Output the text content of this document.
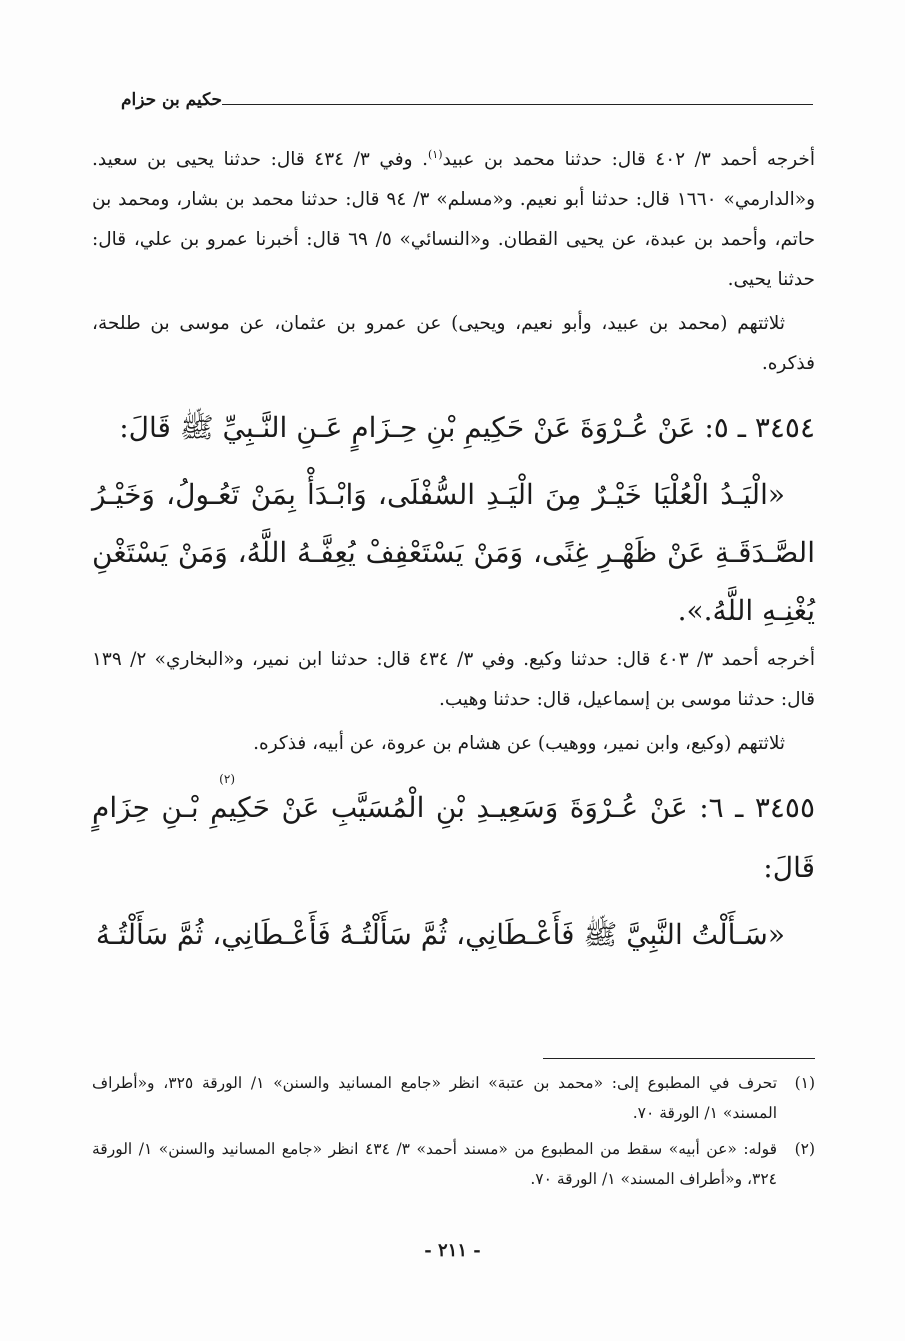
حكيم بن حزام

أخرجه أحمد ٣/ ٤٠٢ قال: حدثنا محمد بن عبيد$^{(١)}$. وفي ٣/ ٤٣٤ قال: حدثنا يحيى بن سعيد. و«الدارمي» ١٦٦٠ قال: حدثنا أبو نعيم. و«مسلم» ٣/ ٩٤ قال: حدثنا محمد بن بشار، ومحمد بن حاتم، وأحمد بن عبدة، عن يحيى القطان. و«النسائي» ٥/ ٦٩ قال: أخبرنا عمرو بن علي، قال: حدثنا يحيى.

ثلاثتهم (محمد بن عبيد، وأبو نعيم، ويحيى) عن عمرو بن عثمان، عن موسى بن طلحة، فذكره.

٣٤٥٤ ـ ٥: عَنْ عُـرْوَةَ عَنْ حَكِيمِ بْنِ حِـزَامٍ عَـنِ النَّـبِيِّ ﷺ قَالَ:

«الْيَـدُ الْعُلْيَا خَيْـرٌ مِنَ الْيَـدِ السُّفْلَى، وَابْـدَأْ بِمَنْ تَعُـولُ، وَخَيْـرُ الصَّـدَقَـةِ عَنْ ظَهْـرِ غِنًى، وَمَنْ يَسْتَعْفِفْ يُعِفَّـهُ اللَّهُ، وَمَنْ يَسْتَغْنِ يُغْنِـهِ اللَّهُ.».

أخرجه أحمد ٣/ ٤٠٣ قال: حدثنا وكيع. وفي ٣/ ٤٣٤ قال: حدثنا ابن نمير، و«البخاري» ٢/ ١٣٩ قال: حدثنا موسى بن إسماعيل، قال: حدثنا وهيب.

ثلاثتهم (وكيع، وابن نمير، ووهيب) عن هشام بن عروة، عن أبيه، فذكره.

٣٤٥٥ ـ ٦: عَنْ عُـرْوَةَ وَسَعِيـدِ بْنِ الْمُسَيَّبِ عَنْ حَكِيمِ بْـنِ حِزَامٍ قَالَ:

«سَـأَلْتُ النَّبِيَّ ﷺ فَأَعْـطَانِي، ثُمَّ سَأَلْتُـهُ فَأَعْـطَانِي، ثُمَّ سَأَلْتُـهُ

(٢)

(١)تحرف في المطبوع إلى: «محمد بن عتبة» انظر «جامع المسانيد والسنن» ١/ الورقة ٣٢٥، و«أطراف المسند» ١/ الورقة ٧٠.

(٢)قوله: «عن أبيه» سقط من المطبوع من «مسند أحمد» ٣/ ٤٣٤ انظر «جامع المسانيد والسنن» ١/ الورقة ٣٢٤، و«أطراف المسند» ١/ الورقة ٧٠.

- ٢١١ -
